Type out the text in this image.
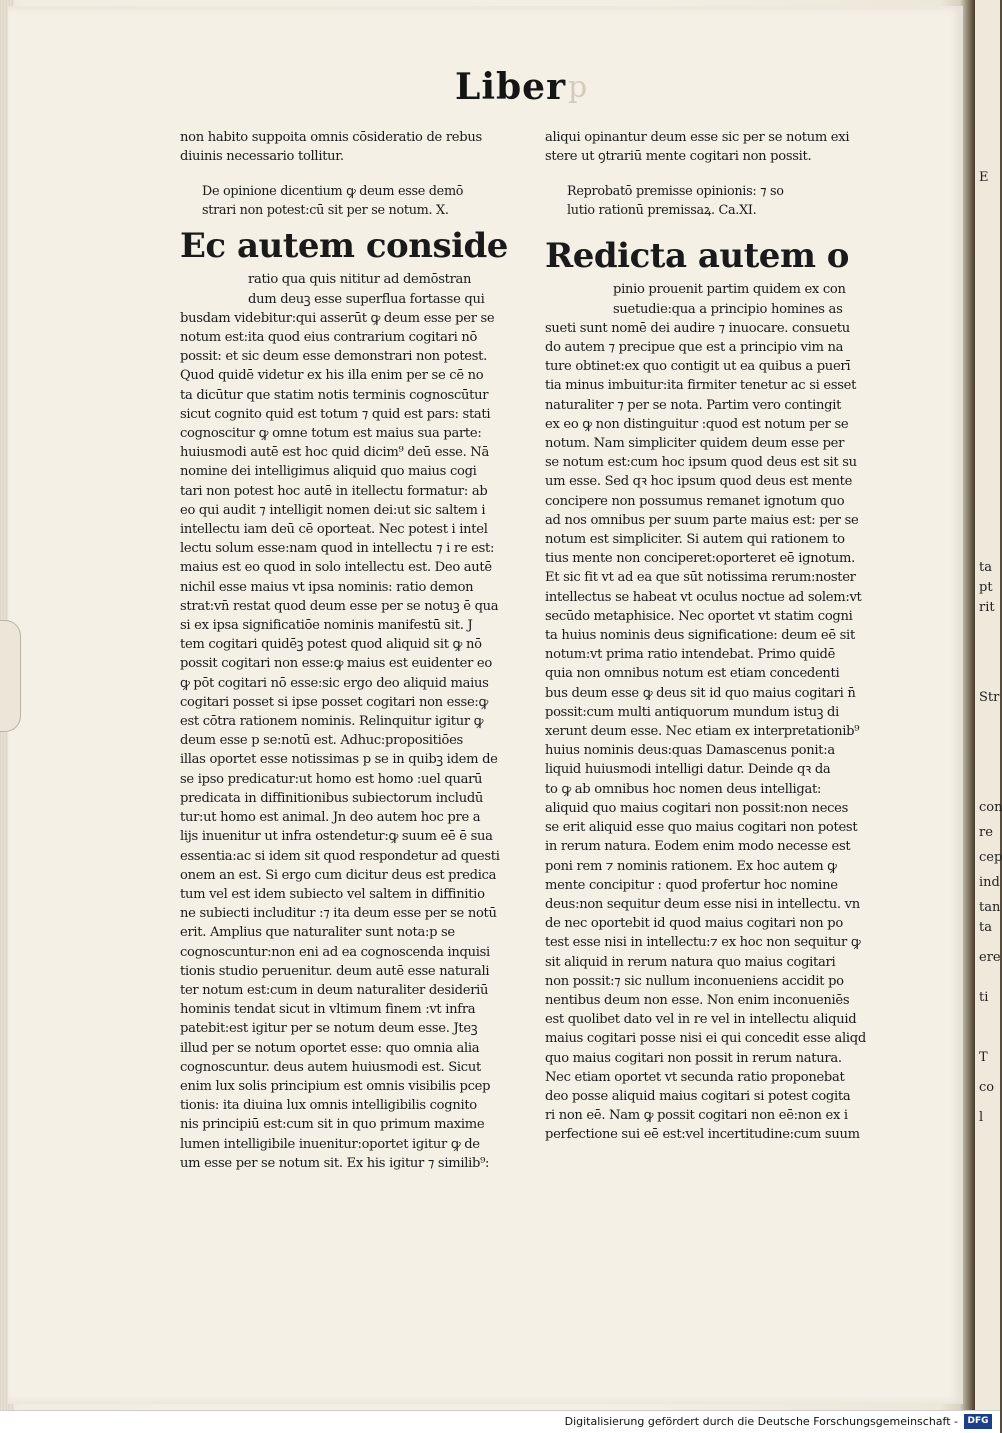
Liber p
non habito suppoita omnis cōsideratio de rebus
diuinis necessario tollitur.
De opinione dicentium ꝙ deum esse demō
strari non potest:cū sit per se notum. X.
Ec autem conside
ratio qua quis nititur ad demōstran
dum deuꝫ esse superflua fortasse qui
busdam videbitur:qui asserūt ꝙ deum esse per se
notum est:ita quod eius contrarium cogitari nō
possit: et sic deum esse demonstrari non potest.
Quod quidē videtur ex his illa enim per se cē no
ta dicūtur que statim notis terminis cognoscūtur
sicut cognito quid est totum ⁊ quid est pars: stati
cognoscitur ꝙ omne totum est maius sua parte:
huiusmodi autē est hoc quid dicim⁹ deū esse. Nā
nomine dei intelligimus aliquid quo maius cogi
tari non potest hoc autē in itellectu formatur: ab
eo qui audit ⁊ intelligit nomen dei:ut sic saltem i
intellectu iam deū cē oporteat. Nec potest i intel
lectu solum esse:nam quod in intellectu ⁊ i re est:
maius est eo quod in solo intellectu est. Deo autē
nichil esse maius vt ipsa nominis: ratio demon
strat:vn̄ restat quod deum esse per se notuꝫ ē qua
si ex ipsa significatiōe nominis manifestū sit. J
tem cogitari quidēꝫ potest quod aliquid sit ꝙ nō
possit cogitari non esse:ꝙ maius est euidenter eo
ꝙ pōt cogitari nō esse:sic ergo deo aliquid maius
cogitari posset si ipse posset cogitari non esse:ꝙ
est cōtra rationem nominis. Relinquitur igitur ꝙ
deum esse p se:notū est. Adhuc:propositiōes
illas oportet esse notissimas p se in quibꝫ idem de
se ipso predicatur:ut homo est homo :uel quarū
predicata in diffinitionibus subiectorum includū
tur:ut homo est animal. Jn deo autem hoc pre a
lijs inuenitur ut infra ostendetur:ꝙ suum eē ē sua
essentia:ac si idem sit quod respondetur ad questi
onem an est. Si ergo cum dicitur deus est predica
tum vel est idem subiecto vel saltem in diffinitio
ne subiecti includitur :⁊ ita deum esse per se notū
erit. Amplius que naturaliter sunt nota:p se
cognoscuntur:non eni ad ea cognoscenda inquisi
tionis studio peruenitur. deum autē esse naturali
ter notum est:cum in deum naturaliter desideriū
hominis tendat sicut in vltimum finem :vt infra
patebit:est igitur per se notum deum esse. Jteꝫ
illud per se notum oportet esse: quo omnia alia
cognoscuntur. deus autem huiusmodi est. Sicut
enim lux solis principium est omnis visibilis pcep
tionis: ita diuina lux omnis intelligibilis cognito
nis principiū est:cum sit in quo primum maxime
lumen intelligibile inuenitur:oportet igitur ꝙ de
um esse per se notum sit. Ex his igitur ⁊ similib⁹:
aliqui opinantur deum esse sic per se notum exi
stere ut ꝯtrariū mente cogitari non possit.
Reprobatō premisse opinionis: ⁊ so
lutio rationū premissaꝝ. Ca.XI.
Redicta autem o
pinio prouenit partim quidem ex con
suetudie:qua a principio homines as
sueti sunt nomē dei audire ⁊ inuocare. consuetu
do autem ⁊ precipue que est a principio vim na
ture obtinet:ex quo contigit ut ea quibus a puerī
tia minus imbuitur:ita firmiter tenetur ac si esset
naturaliter ⁊ per se nota. Partim vero contingit
ex eo ꝙ non distinguitur :quod est notum per se
notum. Nam simpliciter quidem deum esse per
se notum est:cum hoc ipsum quod deus est sit su
um esse. Sed qꝛ hoc ipsum quod deus est mente
concipere non possumus remanet ignotum quo
ad nos omnibus per suum parte maius est: per se
notum est simpliciter. Si autem qui rationem to
tius mente non conciperet:oporteret eē ignotum.
Et sic fit vt ad ea que sūt notissima rerum:noster
intellectus se habeat vt oculus noctue ad solem:vt
secūdo metaphisice. Nec oportet vt statim cogni
ta huius nominis deus significatione: deum eē sit
notum:vt prima ratio intendebat. Primo quidē
quia non omnibus notum est etiam concedenti
bus deum esse ꝙ deus sit id quo maius cogitari n̄
possit:cum multi antiquorum mundum istuꝫ di
xerunt deum esse. Nec etiam ex interpretationib⁹
huius nominis deus:quas Damascenus ponit:a
liquid huiusmodi intelligi datur. Deinde qꝛ da
to ꝙ ab omnibus hoc nomen deus intelligat:
aliquid quo maius cogitari non possit:non neces
se erit aliquid esse quo maius cogitari non potest
in rerum natura. Eodem enim modo necesse est
poni rem ⁊ nominis rationem. Ex hoc autem ꝙ
mente concipitur : quod profertur hoc nomine
deus:non sequitur deum esse nisi in intellectu. vn
de nec oportebit id quod maius cogitari non po
test esse nisi in intellectu:⁊ ex hoc non sequitur ꝙ
sit aliquid in rerum natura quo maius cogitari
non possit:⁊ sic nullum inconueniens accidit po
nentibus deum non esse. Non enim inconueniēs
est quolibet dato vel in re vel in intellectu aliquid
maius cogitari posse nisi ei qui concedit esse aliqd
quo maius cogitari non possit in rerum natura.
Nec etiam oportet vt secunda ratio proponebat
deo posse aliquid maius cogitari si potest cogita
ri non eē. Nam ꝙ possit cogitari non eē:non ex i
perfectione sui eē est:vel incertitudine:cum suum
E
ta
pt
rit
Str
con
re
cep
ind
tan
ta
ere
ti
T
co
l
Digitalisierung gefördert durch die Deutsche Forschungsgemeinschaft -	DFG
